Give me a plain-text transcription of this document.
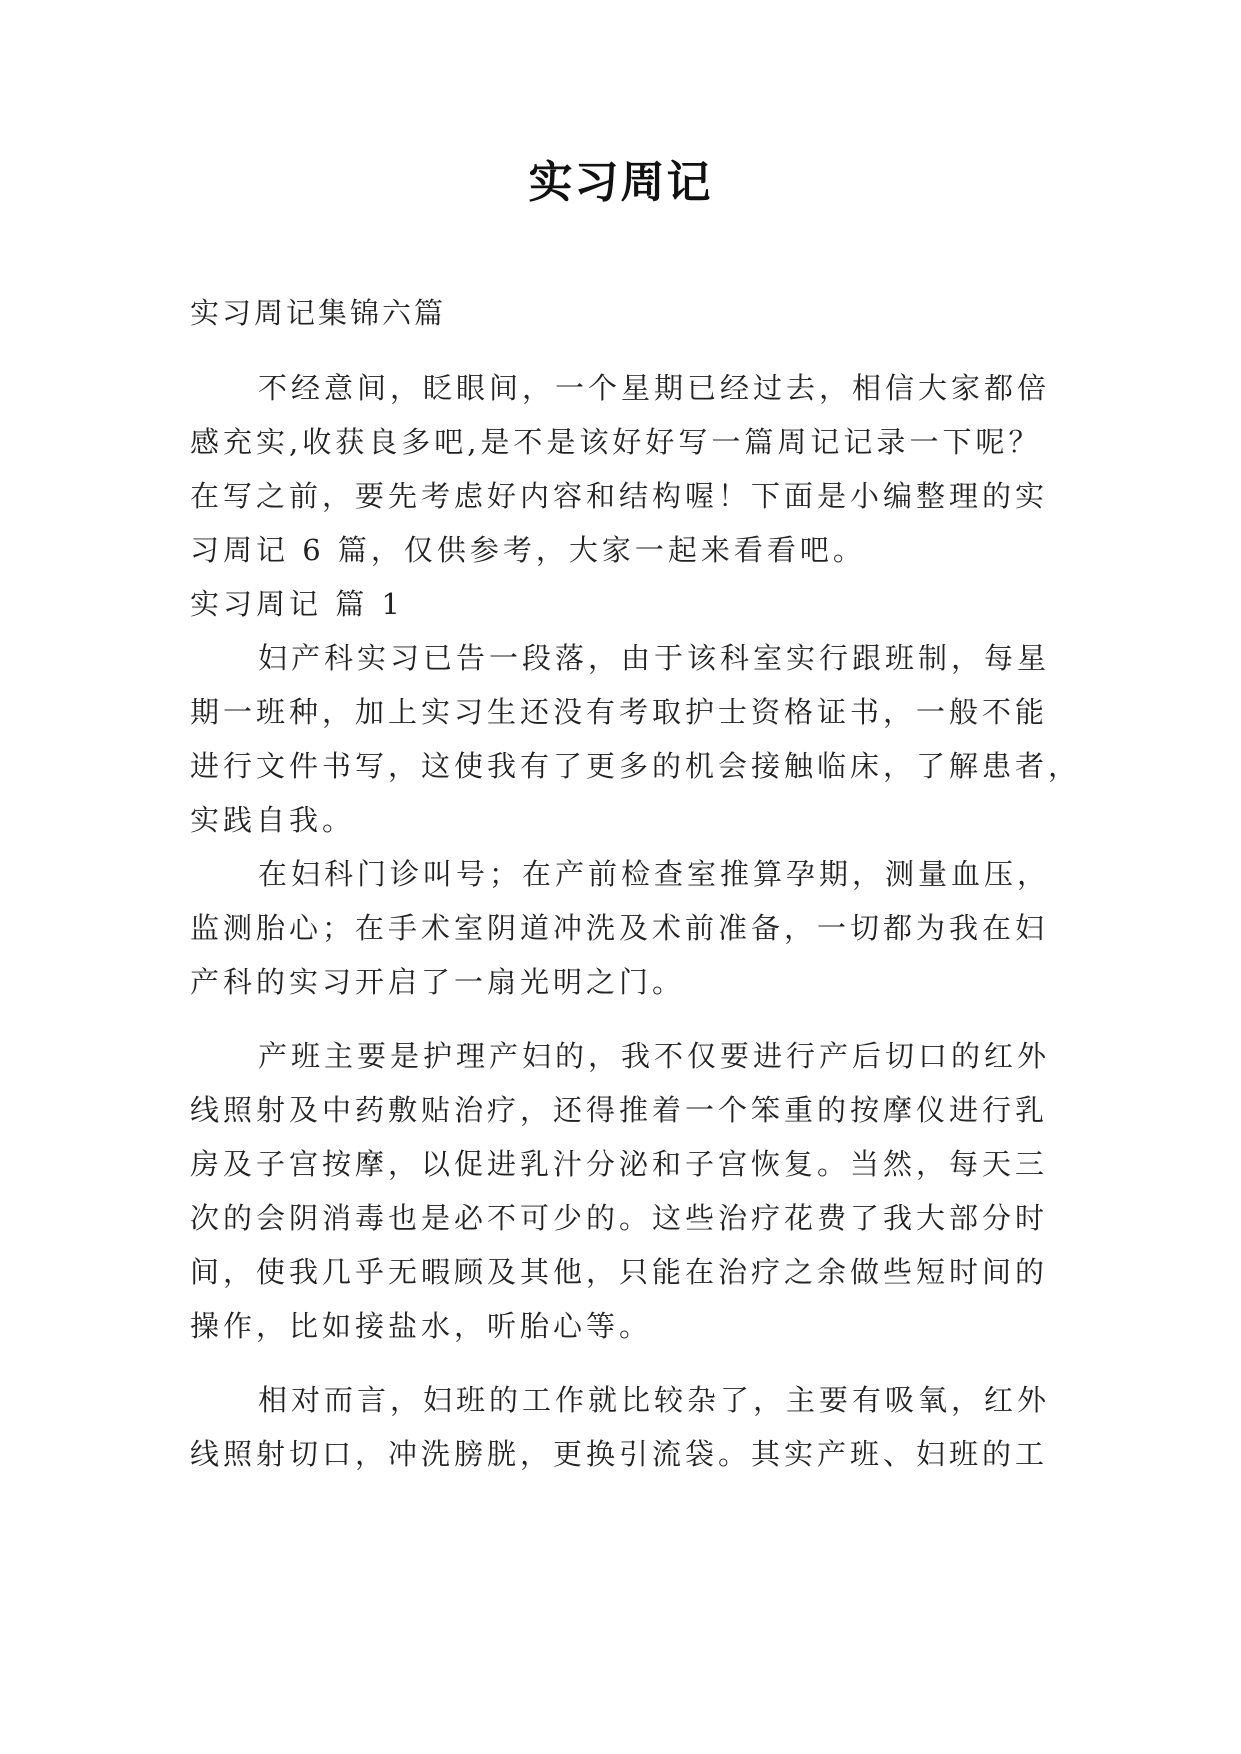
实习周记
实习周记集锦六篇
不经意间，眨眼间，一个星期已经过去，相信大家都倍
感充实,收获良多吧,是不是该好好写一篇周记记录一下呢？
在写之前，要先考虑好内容和结构喔！下面是小编整理的实
习周记 6 篇，仅供参考，大家一起来看看吧。
实习周记 篇 1
妇产科实习已告一段落，由于该科室实行跟班制，每星
期一班种，加上实习生还没有考取护士资格证书，一般不能
进行文件书写，这使我有了更多的机会接触临床，了解患者，
实践自我。
在妇科门诊叫号；在产前检查室推算孕期，测量血压，
监测胎心；在手术室阴道冲洗及术前准备，一切都为我在妇
产科的实习开启了一扇光明之门。
产班主要是护理产妇的，我不仅要进行产后切口的红外
线照射及中药敷贴治疗，还得推着一个笨重的按摩仪进行乳
房及子宫按摩，以促进乳汁分泌和子宫恢复。当然，每天三
次的会阴消毒也是必不可少的。这些治疗花费了我大部分时
间，使我几乎无暇顾及其他，只能在治疗之余做些短时间的
操作，比如接盐水，听胎心等。
相对而言，妇班的工作就比较杂了，主要有吸氧，红外
线照射切口，冲洗膀胱，更换引流袋。其实产班、妇班的工
